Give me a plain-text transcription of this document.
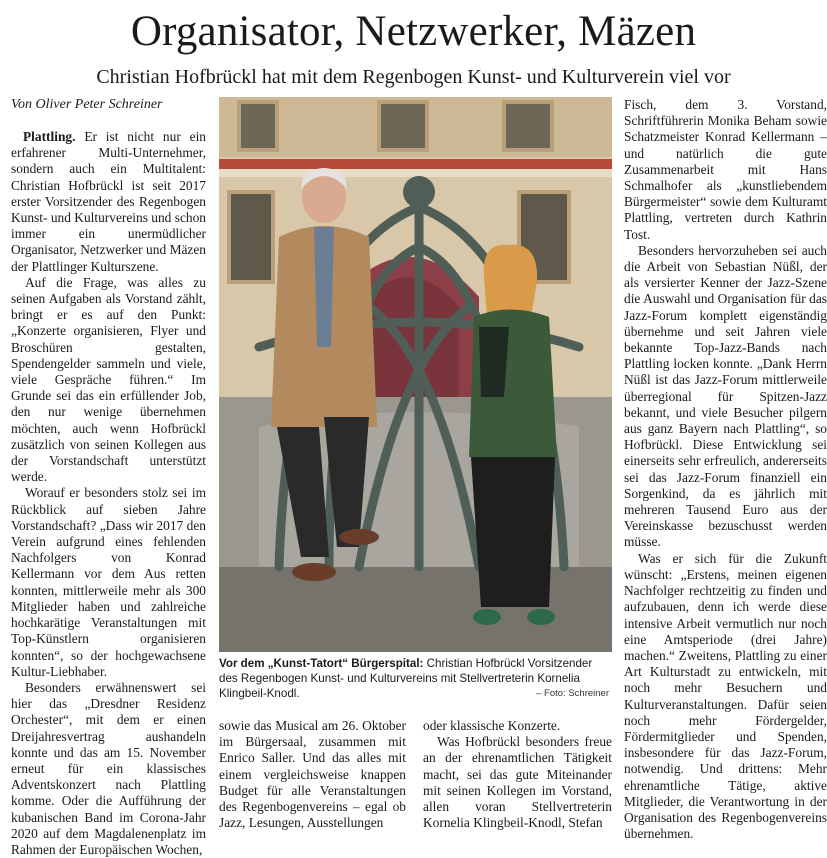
Organisator, Netzwerker, Mäzen
Christian Hofbrückl hat mit dem Regenbogen Kunst- und Kulturverein viel vor
Von Oliver Peter Schreiner

Plattling. Er ist nicht nur ein erfahrener Multi-Unternehmer, sondern auch ein Multitalent: Christian Hofbrückl ist seit 2017 erster Vorsitzender des Regenbogen Kunst- und Kulturvereins und schon immer ein unermüdlicher Organisator, Netzwerker und Mäzen der Plattlinger Kulturszene.

Auf die Frage, was alles zu seinen Aufgaben als Vorstand zählt, bringt er es auf den Punkt: „Konzerte organisieren, Flyer und Broschüren gestalten, Spendengelder sammeln und viele, viele Gespräche führen.“ Im Grunde sei das ein erfüllender Job, den nur wenige übernehmen möchten, auch wenn Hofbrückl zusätzlich von seinen Kollegen aus der Vorstandschaft unterstützt werde.

Worauf er besonders stolz sei im Rückblick auf sieben Jahre Vorstandschaft? „Dass wir 2017 den Verein aufgrund eines fehlenden Nachfolgers von Konrad Kellermann vor dem Aus retten konnten, mittlerweile mehr als 300 Mitglieder haben und zahlreiche hochkarätige Veranstaltungen mit Top-Künstlern organisieren konnten“, so der hochgewachsene Kultur-Liebhaber.

Besonders erwähnenswert sei hier das „Dresdner Residenz Orchester“, mit dem er einen Dreijahresvertrag aushandeln konnte und das am 15. November erneut für ein klassisches Adventskonzert nach Plattling komme. Oder die Aufführung der kubanischen Band im Corona-Jahr 2020 auf dem Magdalenenplatz im Rahmen der Europäischen Wochen,

Vor dem „Kunst-Tatort“ Bürgerspital: Christian Hofbrückl Vorsitzender des Regenbogen Kunst- und Kulturvereins mit Stellvertreterin Kornelia Klingbeil-Knodl.	– Foto: Schreiner

sowie das Musical am 26. Oktober im Bürgersaal, zusammen mit Enrico Saller. Und das alles mit einem vergleichsweise knappen Budget für alle Veranstaltungen des Regenbogenvereins – egal ob Jazz, Lesungen, Ausstellungen

oder klassische Konzerte.

Was Hofbrückl besonders freue an der ehrenamtlichen Tätigkeit macht, sei das gute Miteinander mit seinen Kollegen im Vorstand, allen voran Stellvertreterin Kornelia Klingbeil-Knodl, Stefan

Fisch, dem 3. Vorstand, Schriftführerin Monika Beham sowie Schatzmeister Konrad Kellermann – und natürlich die gute Zusammenarbeit mit Hans Schmalhofer als „kunstliebendem Bürgermeister“ sowie dem Kulturamt Plattling, vertreten durch Kathrin Tost.

Besonders hervorzuheben sei auch die Arbeit von Sebastian Nüßl, der als versierter Kenner der Jazz-Szene die Auswahl und Organisation für das Jazz-Forum komplett eigenständig übernehme und seit Jahren viele bekannte Top-Jazz-Bands nach Plattling locken konnte. „Dank Herrn Nüßl ist das Jazz-Forum mittlerweile überregional für Spitzen-Jazz bekannt, und viele Besucher pilgern aus ganz Bayern nach Plattling“, so Hofbrückl. Diese Entwicklung sei einerseits sehr erfreulich, andererseits sei das Jazz-Forum finanziell ein Sorgenkind, da es jährlich mit mehreren Tausend Euro aus der Vereinskasse bezuschusst werden müsse.

Was er sich für die Zukunft wünscht: „Erstens, meinen eigenen Nachfolger rechtzeitig zu finden und aufzubauen, denn ich werde diese intensive Arbeit vermutlich nur noch eine Amtsperiode (drei Jahre) machen.“ Zweitens, Plattling zu einer Art Kulturstadt zu entwickeln, mit noch mehr Besuchern und Kulturveranstaltungen. Dafür seien noch mehr Fördergelder, Fördermitglieder und Spenden, insbesondere für das Jazz-Forum, notwendig. Und drittens: Mehr ehrenamtliche Tätige, aktive Mitglieder, die Verantwortung in der Organisation des Regenbogenvereins übernehmen.
